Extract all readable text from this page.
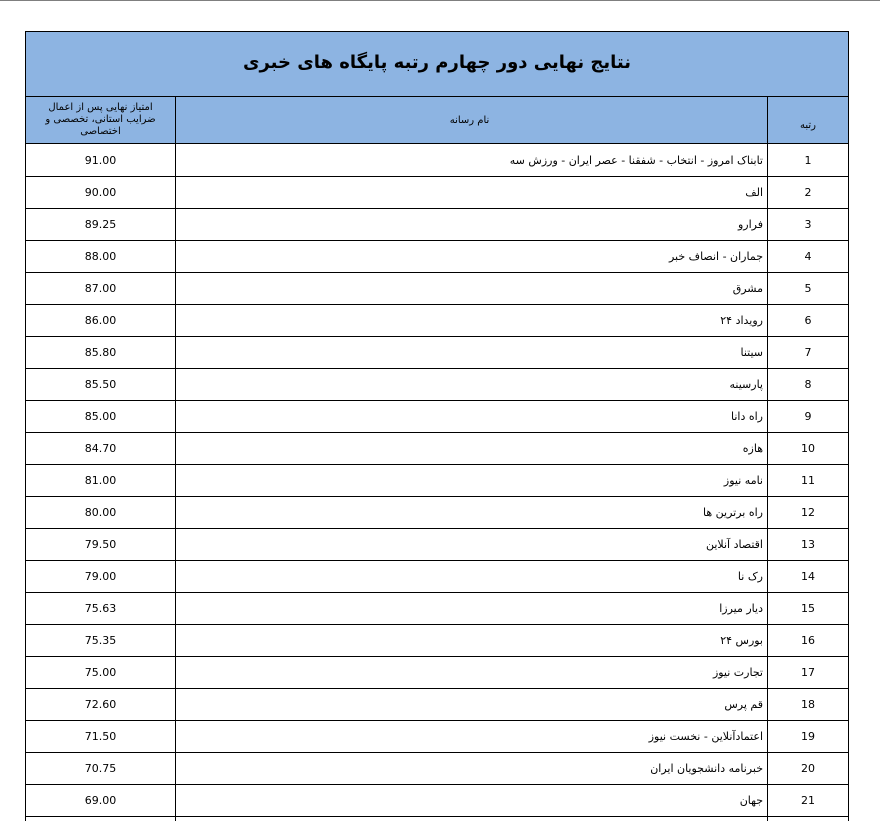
نتایج نهایی دور چهارم رتبه پایگاه های خبری
رتبه
نام رسانه
امتیاز نهایی پس از اعمال ضرایب استانی، تخصصی و اختصاصی
1
تابناک امروز - انتخاب - شفقنا - عصر ایران - ورزش سه
91.00
2
الف
90.00
3
فرارو
89.25
4
جماران - انصاف خبر
88.00
5
مشرق
87.00
6
رویداد ۲۴
86.00
7
سیتنا
85.80
8
پارسینه
85.50
9
راه دانا
85.00
10
هازه
84.70
11
نامه نیوز
81.00
12
راه برترین ها
80.00
13
اقتصاد آنلاین
79.50
14
رک نا
79.00
15
دیار میرزا
75.63
16
بورس ۲۴
75.35
17
تجارت نیوز
75.00
18
قم پرس
72.60
19
اعتمادآنلاین - نخست نیوز
71.50
20
خبرنامه دانشجویان ایران
70.75
21
جهان
69.00
